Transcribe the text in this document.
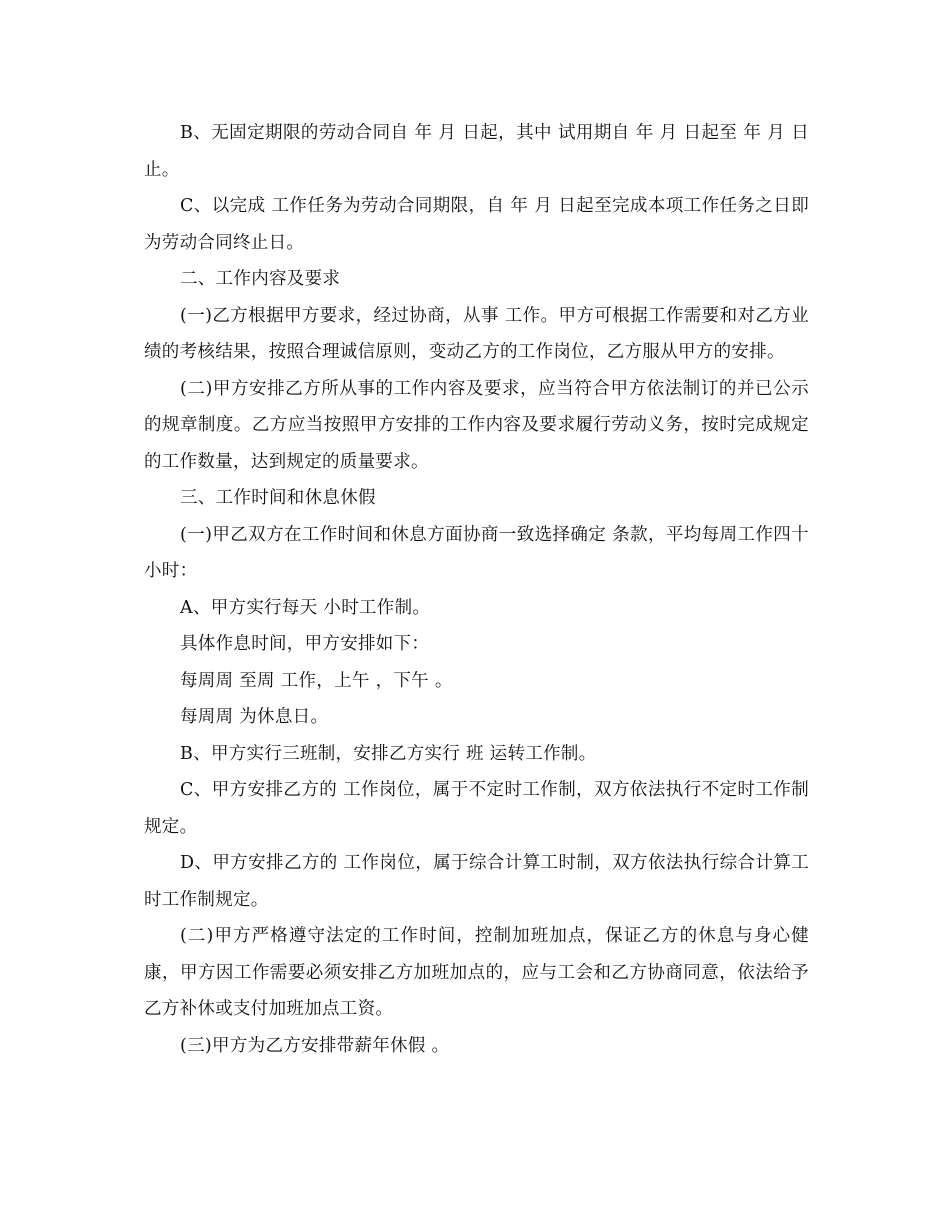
B、无固定期限的劳动合同自 年 月 日起，其中 试用期自 年 月 日起至 年 月 日止。

C、以完成 工作任务为劳动合同期限，自 年 月 日起至完成本项工作任务之日即为劳动合同终止日。

二、工作内容及要求

(一)乙方根据甲方要求，经过协商，从事 工作。甲方可根据工作需要和对乙方业绩的考核结果，按照合理诚信原则，变动乙方的工作岗位，乙方服从甲方的安排。

(二)甲方安排乙方所从事的工作内容及要求，应当符合甲方依法制订的并已公示的规章制度。乙方应当按照甲方安排的工作内容及要求履行劳动义务，按时完成规定的工作数量，达到规定的质量要求。

三、工作时间和休息休假

(一)甲乙双方在工作时间和休息方面协商一致选择确定 条款，平均每周工作四十小时：

A、甲方实行每天 小时工作制。

具体作息时间，甲方安排如下：

每周周 至周 工作，上午 ，下午 。

每周周 为休息日。

B、甲方实行三班制，安排乙方实行 班 运转工作制。

C、甲方安排乙方的 工作岗位，属于不定时工作制，双方依法执行不定时工作制规定。

D、甲方安排乙方的 工作岗位，属于综合计算工时制，双方依法执行综合计算工时工作制规定。

(二)甲方严格遵守法定的工作时间，控制加班加点，保证乙方的休息与身心健康，甲方因工作需要必须安排乙方加班加点的，应与工会和乙方协商同意，依法给予乙方补休或支付加班加点工资。

(三)甲方为乙方安排带薪年休假 。
